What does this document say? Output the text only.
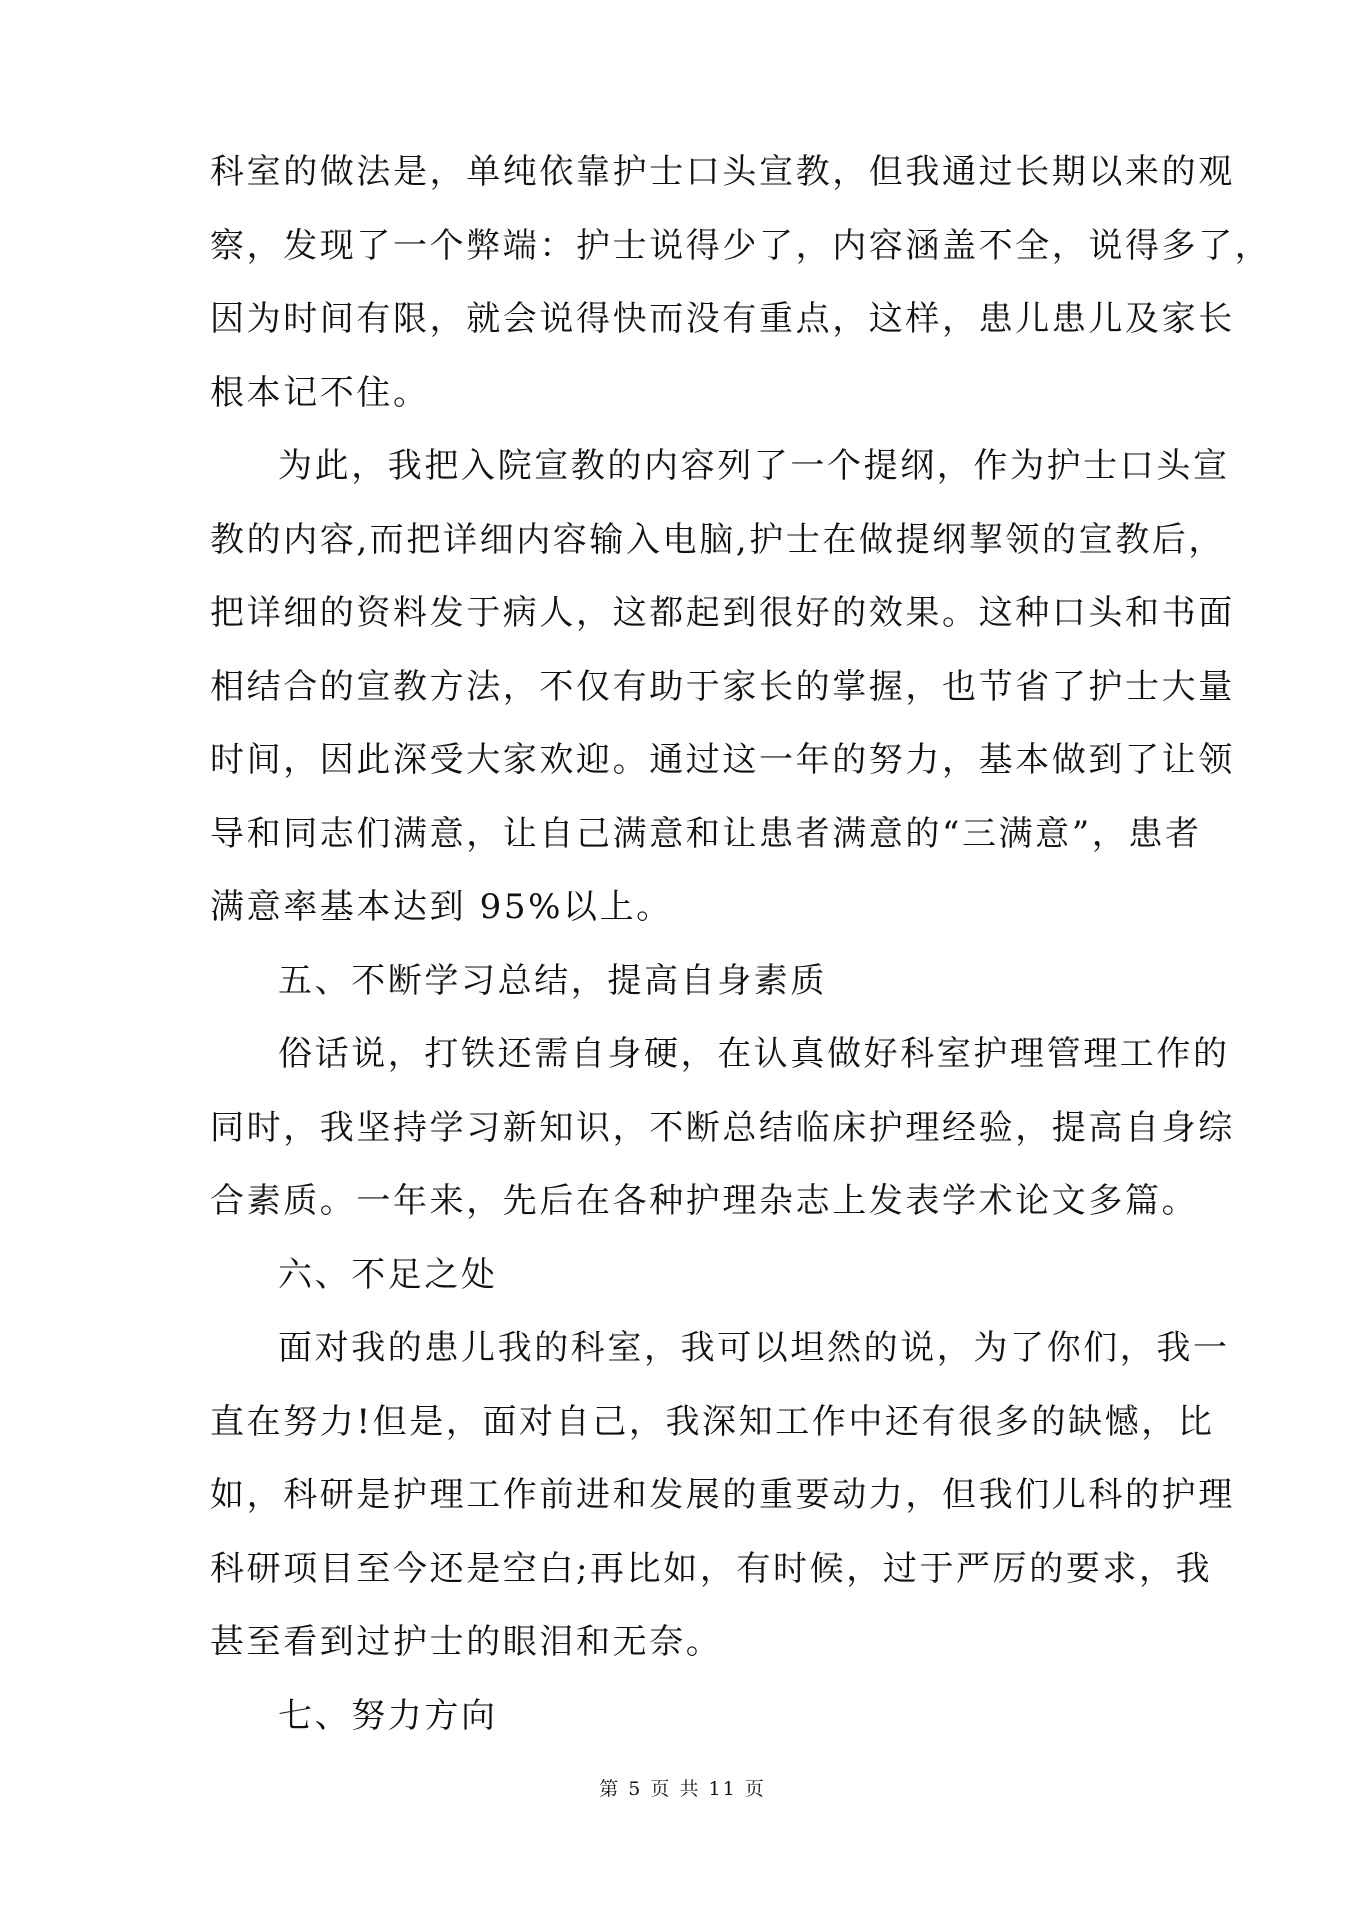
科室的做法是，单纯依靠护士口头宣教，但我通过长期以来的观
察，发现了一个弊端：护士说得少了，内容涵盖不全，说得多了，
因为时间有限，就会说得快而没有重点，这样，患儿患儿及家长
根本记不住。
为此，我把入院宣教的内容列了一个提纲，作为护士口头宣
教的内容,而把详细内容输入电脑,护士在做提纲挈领的宣教后，
把详细的资料发于病人，这都起到很好的效果。这种口头和书面
相结合的宣教方法，不仅有助于家长的掌握，也节省了护士大量
时间，因此深受大家欢迎。通过这一年的努力，基本做到了让领
导和同志们满意，让自己满意和让患者满意的“三满意”，患者
满意率基本达到 95%以上。
五、不断学习总结，提高自身素质
俗话说，打铁还需自身硬，在认真做好科室护理管理工作的
同时，我坚持学习新知识，不断总结临床护理经验，提高自身综
合素质。一年来，先后在各种护理杂志上发表学术论文多篇。
六、不足之处
面对我的患儿我的科室，我可以坦然的说，为了你们，我一
直在努力!但是，面对自己，我深知工作中还有很多的缺憾，比
如，科研是护理工作前进和发展的重要动力，但我们儿科的护理
科研项目至今还是空白;再比如，有时候，过于严厉的要求，我
甚至看到过护士的眼泪和无奈。
七、努力方向
第 5 页 共 11 页
